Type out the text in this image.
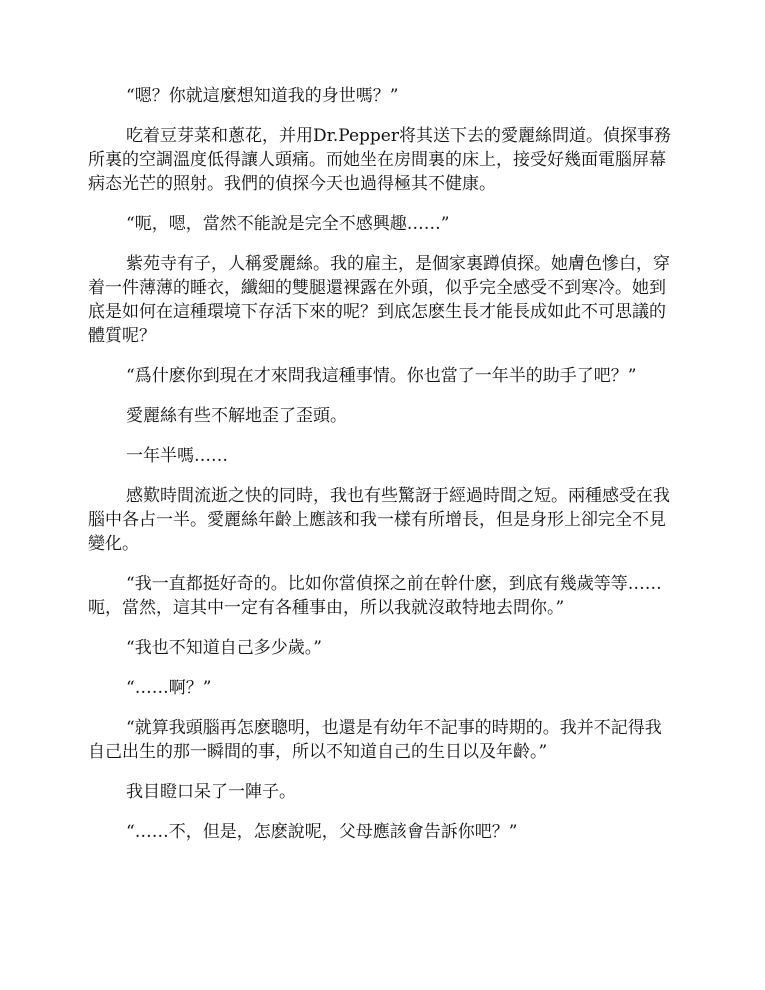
“嗯？你就這麼想知道我的身世嗎？”

吃着豆芽菜和蔥花，并用Dr.Pepper将其送下去的愛麗絲問道。偵探事務所裏的空調溫度低得讓人頭痛。而她坐在房間裏的床上，接受好幾面電腦屏幕病态光芒的照射。我們的偵探今天也過得極其不健康。

“呃，嗯，當然不能說是完全不感興趣……”

紫苑寺有子，人稱愛麗絲。我的雇主，是個家裏蹲偵探。她膚色慘白，穿着一件薄薄的睡衣，纖細的雙腿還裸露在外頭，似乎完全感受不到寒冷。她到底是如何在這種環境下存活下來的呢？到底怎麽生長才能長成如此不可思議的體質呢？

“爲什麽你到現在才來問我這種事情。你也當了一年半的助手了吧？”

愛麗絲有些不解地歪了歪頭。

一年半嗎……

感歎時間流逝之快的同時，我也有些驚訝于經過時間之短。兩種感受在我腦中各占一半。愛麗絲年齡上應該和我一樣有所增長，但是身形上卻完全不見變化。

“我一直都挺好奇的。比如你當偵探之前在幹什麽，到底有幾歲等等……呃，當然，這其中一定有各種事由，所以我就沒敢特地去問你。”

“我也不知道自己多少歲。”

“……啊？”

“就算我頭腦再怎麽聰明，也還是有幼年不記事的時期的。我并不記得我自己出生的那一瞬間的事，所以不知道自己的生日以及年齡。”

我目瞪口呆了一陣子。

“……不，但是，怎麽說呢，父母應該會告訴你吧？”
